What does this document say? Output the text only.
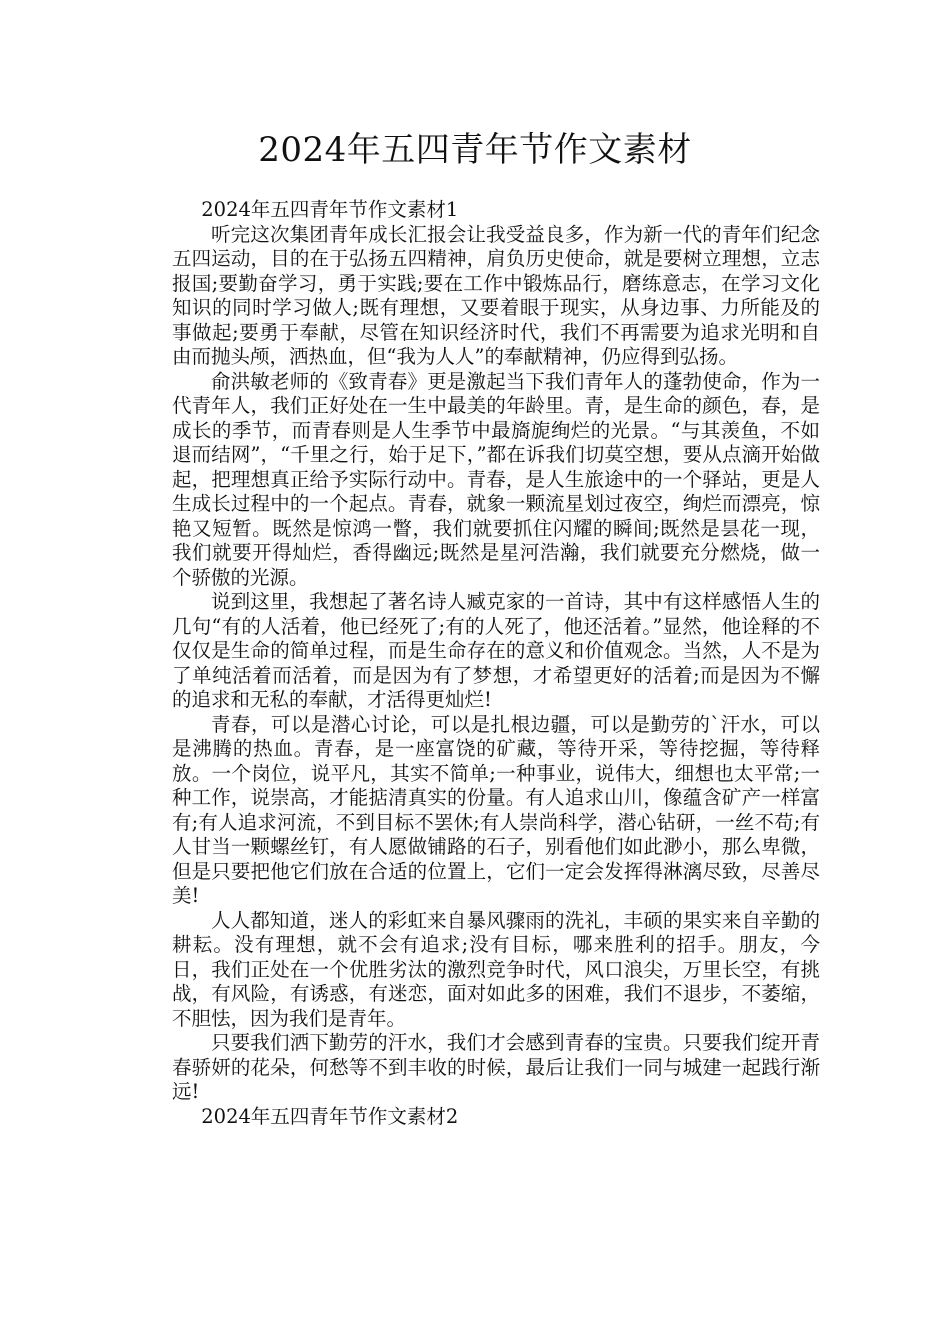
2024年五四青年节作文素材

2024年五四青年节作文素材1

听完这次集团青年成长汇报会让我受益良多，作为新一代的青年们纪念五四运动，目的在于弘扬五四精神，肩负历史使命，就是要树立理想，立志报国;要勤奋学习，勇于实践;要在工作中锻炼品行，磨练意志，在学习文化知识的同时学习做人;既有理想，又要着眼于现实，从身边事、力所能及的事做起;要勇于奉献，尽管在知识经济时代，我们不再需要为追求光明和自由而抛头颅，洒热血，但“我为人人”的奉献精神，仍应得到弘扬。

俞洪敏老师的《致青春》更是激起当下我们青年人的蓬勃使命，作为一代青年人，我们正好处在一生中最美的年龄里。青，是生命的颜色，春，是成长的季节，而青春则是人生季节中最旖旎绚烂的光景。“与其羡鱼，不如退而结网”，“千里之行，始于足下，”都在诉我们切莫空想，要从点滴开始做起，把理想真正给予实际行动中。青春，是人生旅途中的一个驿站，更是人生成长过程中的一个起点。青春，就象一颗流星划过夜空，绚烂而漂亮，惊艳又短暂。既然是惊鸿一瞥，我们就要抓住闪耀的瞬间;既然是昙花一现，我们就要开得灿烂，香得幽远;既然是星河浩瀚，我们就要充分燃烧，做一个骄傲的光源。

说到这里，我想起了著名诗人臧克家的一首诗，其中有这样感悟人生的几句“有的人活着，他已经死了;有的人死了，他还活着。”显然，他诠释的不仅仅是生命的简单过程，而是生命存在的意义和价值观念。当然，人不是为了单纯活着而活着，而是因为有了梦想，才希望更好的活着;而是因为不懈的追求和无私的奉献，才活得更灿烂!

青春，可以是潜心讨论，可以是扎根边疆，可以是勤劳的`汗水，可以是沸腾的热血。青春，是一座富饶的矿藏，等待开采，等待挖掘，等待释放。一个岗位，说平凡，其实不简单;一种事业，说伟大，细想也太平常;一种工作，说崇高，才能掂清真实的份量。有人追求山川，像蕴含矿产一样富有;有人追求河流，不到目标不罢休;有人崇尚科学，潜心钻研，一丝不苟;有人甘当一颗螺丝钉，有人愿做铺路的石子，别看他们如此渺小，那么卑微，但是只要把他它们放在合适的位置上，它们一定会发挥得淋漓尽致，尽善尽美!

人人都知道，迷人的彩虹来自暴风骤雨的洗礼，丰硕的果实来自辛勤的耕耘。没有理想，就不会有追求;没有目标，哪来胜利的招手。朋友，今日，我们正处在一个优胜劣汰的激烈竞争时代，风口浪尖，万里长空，有挑战，有风险，有诱惑，有迷恋，面对如此多的困难，我们不退步，不萎缩，不胆怯，因为我们是青年。

只要我们洒下勤劳的汗水，我们才会感到青春的宝贵。只要我们绽开青春骄妍的花朵，何愁等不到丰收的时候，最后让我们一同与城建一起践行渐远!

2024年五四青年节作文素材2
